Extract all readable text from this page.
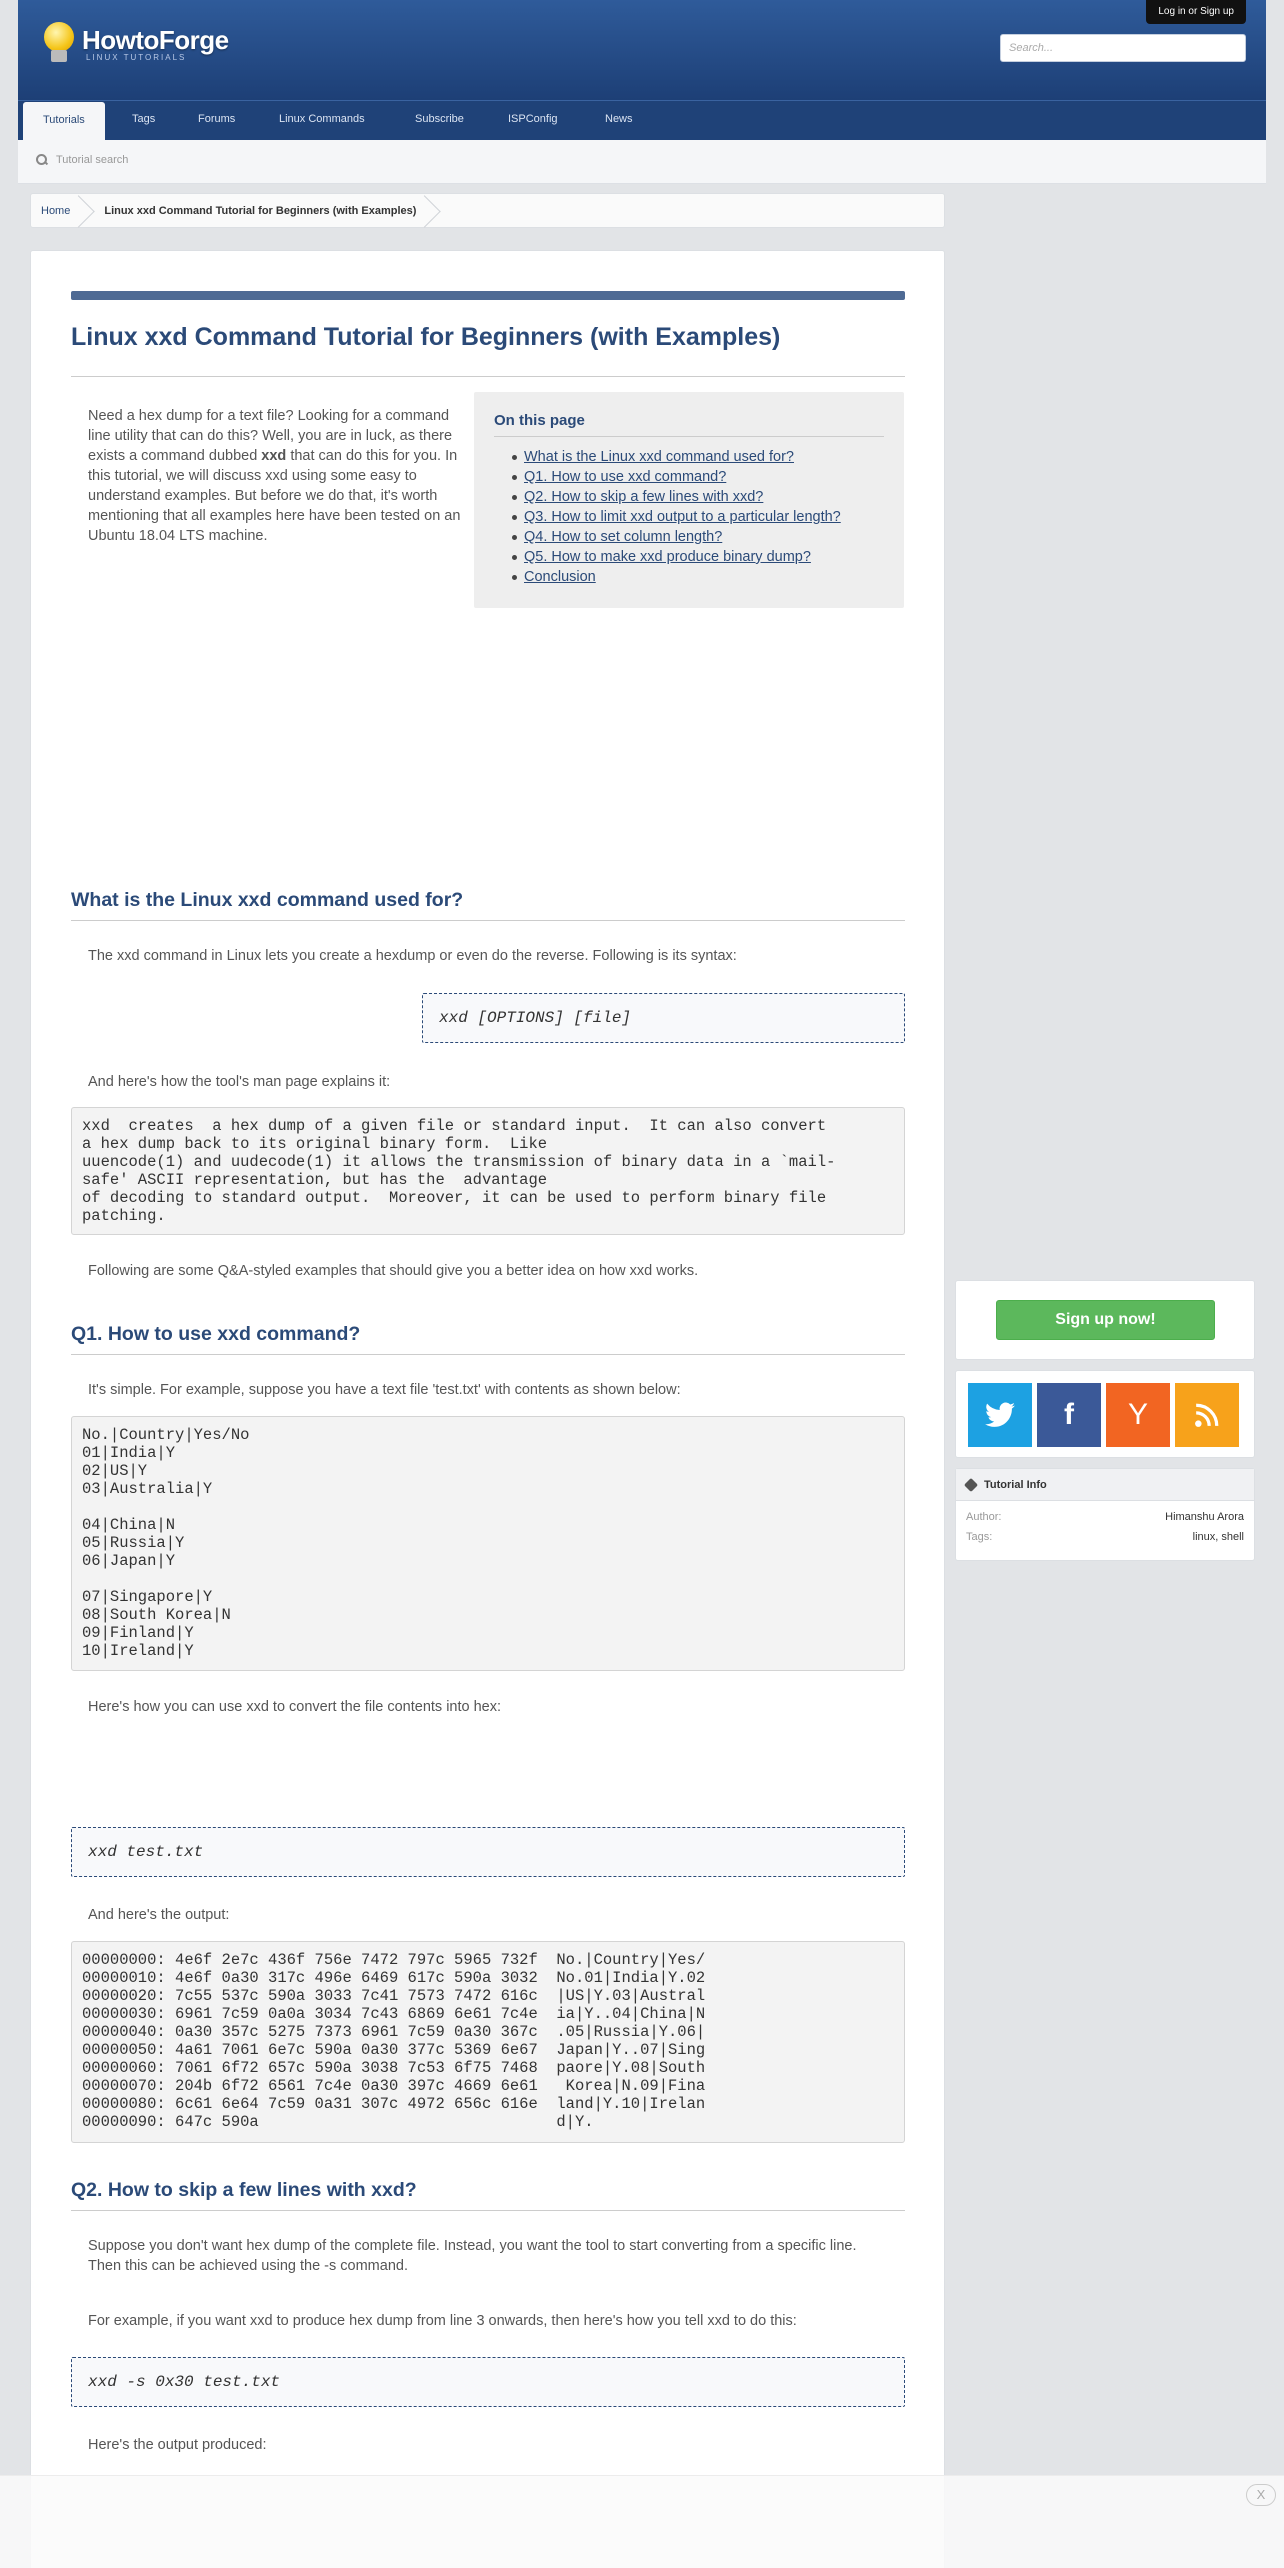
HowtoForge
LINUX TUTORIALS
Log in or Sign up
Search...
Tutorials	Tags	Forums	Linux Commands	Subscribe	ISPConfig	News
Tutorial search
Home	Linux xxd Command Tutorial for Beginners (with Examples)
Linux xxd Command Tutorial for Beginners (with Examples)
Need a hex dump for a text file? Looking for a command line utility that can do this? Well, you are in luck, as there exists a command dubbed xxd that can do this for you. In this tutorial, we will discuss xxd using some easy to understand examples. But before we do that, it's worth mentioning that all examples here have been tested on an Ubuntu 18.04 LTS machine.
On this page
What is the Linux xxd command used for?
Q1. How to use xxd command?
Q2. How to skip a few lines with xxd?
Q3. How to limit xxd output to a particular length?
Q4. How to set column length?
Q5. How to make xxd produce binary dump?
Conclusion
What is the Linux xxd command used for?

The xxd command in Linux lets you create a hexdump or even do the reverse. Following is its syntax:

xxd [OPTIONS] [file]

And here's how the tool's man page explains it:

xxd  creates  a hex dump of a given file or standard input.  It can also convert
a hex dump back to its original binary form.  Like
uuencode(1) and uudecode(1) it allows the transmission of binary data in a `mail-
safe' ASCII representation, but has the  advantage
of decoding to standard output.  Moreover, it can be used to perform binary file
patching.

Following are some Q&A-styled examples that should give you a better idea on how xxd works.

Q1. How to use xxd command?

It's simple. For example, suppose you have a text file 'test.txt' with contents as shown below:

No.|Country|Yes/No
01|India|Y
02|US|Y
03|Australia|Y

04|China|N
05|Russia|Y
06|Japan|Y

07|Singapore|Y
08|South Korea|N
09|Finland|Y
10|Ireland|Y

Here's how you can use xxd to convert the file contents into hex:

xxd test.txt

And here's the output:

00000000: 4e6f 2e7c 436f 756e 7472 797c 5965 732f  No.|Country|Yes/
00000010: 4e6f 0a30 317c 496e 6469 617c 590a 3032  No.01|India|Y.02
00000020: 7c55 537c 590a 3033 7c41 7573 7472 616c  |US|Y.03|Austral
00000030: 6961 7c59 0a0a 3034 7c43 6869 6e61 7c4e  ia|Y..04|China|N
00000040: 0a30 357c 5275 7373 6961 7c59 0a30 367c  .05|Russia|Y.06|
00000050: 4a61 7061 6e7c 590a 0a30 377c 5369 6e67  Japan|Y..07|Sing
00000060: 7061 6f72 657c 590a 3038 7c53 6f75 7468  paore|Y.08|South
00000070: 204b 6f72 6561 7c4e 0a30 397c 4669 6e61   Korea|N.09|Fina
00000080: 6c61 6e64 7c59 0a31 307c 4972 656c 616e  land|Y.10|Irelan
00000090: 647c 590a                                d|Y.
Q2. How to skip a few lines with xxd?

Suppose you don't want hex dump of the complete file. Instead, you want the tool to start converting from a specific line. Then this can be achieved using the -s command.

For example, if you want xxd to produce hex dump from line 3 onwards, then here's how you tell xxd to do this:

xxd -s 0x30 test.txt

Here's the output produced:

Sign up now!
f Y
Tutorial Info
Author:	Himanshu Arora
Tags:	linux, shell
X
